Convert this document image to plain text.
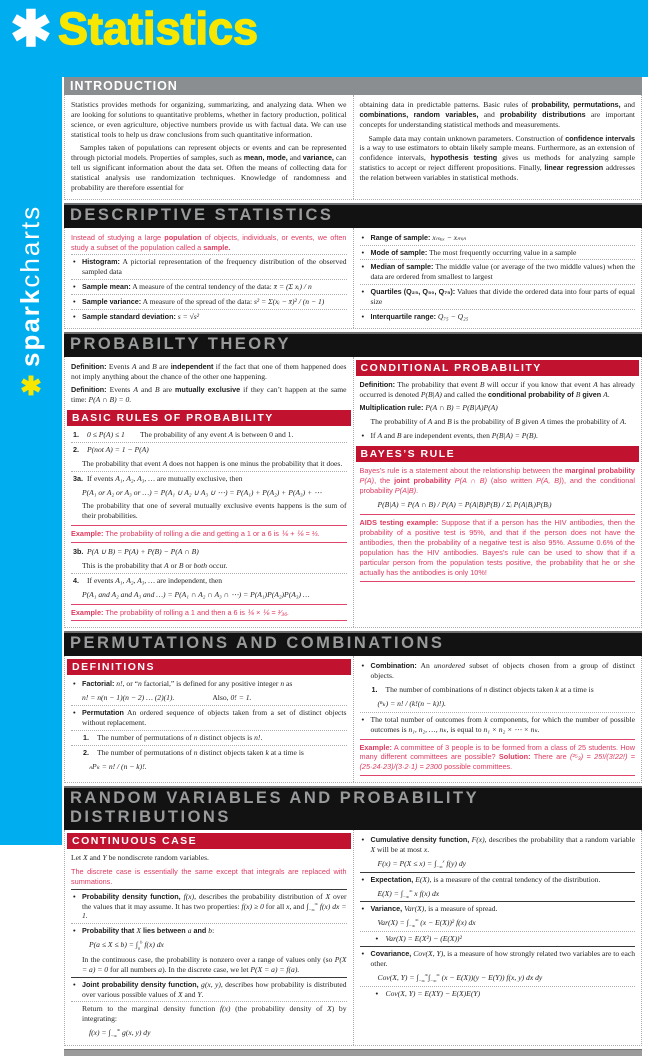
✱ Statistics
✱sparkcharts
INTRODUCTION
Statistics provides methods for organizing, summarizing, and analyzing data. When we are looking for solutions to quantitative problems, whether in factory production, political science, or even agriculture, objective numbers provide us with factual data. We can use statistical tools to help us draw conclusions from such quantitative information.
Samples taken of populations can represent objects or events and can be represented through pictorial models. Properties of samples, such as mean, mode, and variance, can tell us significant information about the data set. Often the means of collecting data for statistical analysis use randomization techniques. Knowledge of randomness and probability are therefore essential for
obtaining data in predictable patterns. Basic rules of probability, permutations, and combinations, random variables, and probability distributions are important concepts for understanding statistical methods and measurements.
Sample data may contain unknown parameters. Construction of confidence intervals is a way to use estimators to obtain likely sample means. Furthermore, as an extension of confidence intervals, hypothesis testing gives us methods for analyzing sample statistics to accept or reject different propositions. Finally, linear regression addresses the relation between variables in statistical methods.
DESCRIPTIVE STATISTICS
Instead of studying a large population of objects, individuals, or events, we often study a subset of the population called a sample.
• Histogram: A pictorial representation of the frequency distribution of the observed sampled data
• Sample mean: A measure of the central tendency of the data: x̄ = (Σ xᵢ) / n
• Sample variance: A measure of the spread of the data: s² = Σ(xᵢ − x̄)² / (n − 1)
• Sample standard deviation: s = √s²
• Range of sample: xₘₐₓ − xₘᵢₙ
• Mode of sample: The most frequently occurring value in a sample
• Median of sample: The middle value (or average of the two middle values) when the data are ordered from smallest to largest
• Quartiles (Q₂₅, Q₅₀, Q₇₅): Values that divide the ordered data into four parts of equal size
• Interquartile range: Q₇₅ − Q₂₅
PROBABILTY THEORY
Definition: Events A and B are independent if the fact that one of them happened does not imply anything about the chance of the other one happening.
Definition: Events A and B are mutually exclusive if they can’t happen at the same time: P(A ∩ B) = 0.
BASIC RULES OF PROBABILITY
1. 0 ≤ P(A) ≤ 1  The probability of any event A is between 0 and 1.
2. P(not A) = 1 − P(A)
The probability that event A does not happen is one minus the probability that it does.
3a. If events A₁, A₂, A₃, … are mutually exclusive, then
P(A₁ or A₂ or A₃ or …) = P(A₁ ∪ A₂ ∪ A₃ ∪ ⋯) = P(A₁) + P(A₂) + P(A₃) + ⋯
The probability that one of several mutually exclusive events happens is the sum of their probabilities.
Example: The probability of rolling a die and getting a 1 or a 6 is ⅙ + ⅙ = ⅓.
3b. P(A ∪ B) = P(A) + P(B) − P(A ∩ B)
This is the probability that A or B or both occur.
4. If events A₁, A₂, A₃, … are independent, then
P(A₁ and A₂ and A₃ and …) = P(A₁ ∩ A₂ ∩ A₃ ∩ ⋯) = P(A₁)P(A₂)P(A₃) …
Example: The probability of rolling a 1 and then a 6 is ⅙ × ⅙ = ¹⁄₃₆.
CONDITIONAL PROBABILITY
Definition: The probability that event B will occur if you know that event A has already occurred is denoted P(B|A) and called the conditional probability of B given A.
Multiplication rule: P(A ∩ B) = P(B|A)P(A)
The probability of A and B is the probability of B given A times the probability of A.
• If A and B are independent events, then P(B|A) = P(B).
BAYES’S RULE
Bayes’s rule is a statement about the relationship between the marginal probability P(A), the joint probability P(A ∩ B) (also written P(A, B)), and the conditional probability P(A|B).
P(B|A) = P(A ∩ B) / P(A) = P(A|B)P(B) / Σᵢ P(A|Bᵢ)P(Bᵢ)
AIDS testing example: Suppose that if a person has the HIV antibodies, then the probability of a positive test is 95%, and that if the person does not have the antibodies, then the probability of a negative test is also 95%. Assume 0.6% of the population has the HIV antibodies. Bayes’s rule can be used to show that if a particular person from the population tests positive, the probability that he or she actually has the antibodies is only 10%!
PERMUTATIONS AND COMBINATIONS
DEFINITIONS
• Factorial: n!, or “n factorial,” is defined for any positive integer n as
n! = n(n − 1)(n − 2) … (2)(1).     Also, 0! = 1.
• Permutation An ordered sequence of objects taken from a set of distinct objects without replacement.
1. The number of permutations of n distinct objects is n!.
2. The number of permutations of n distinct objects taken k at a time is
ₙPₖ = n! / (n − k)!.
• Combination: An unordered subset of objects chosen from a group of distinct objects.
1. The number of combinations of n distinct objects taken k at a time is
(ⁿₖ) = n! / (k!(n − k)!).
• The total number of outcomes from k components, for which the number of possible outcomes is n₁, n₂, …, nₖ, is equal to n₁ × n₂ × ⋯ × nₖ.
Example: A committee of 3 people is to be formed from a class of 25 students. How many different committees are possible? Solution: There are (²⁵₃) = 25!/(3!22!) = (25·24·23)/(3·2·1) = 2300 possible committees.
RANDOM VARIABLES AND PROBABILITY DISTRIBUTIONS
CONTINUOUS CASE
Let X and Y be nondiscrete random variables.
The discrete case is essentially the same except that integrals are replaced with summations.
• Probability density function, f(x), describes the probability distribution of X over the values that it may assume. It has two properties: f(x) ≥ 0 for all x, and $\int_{-\infty}^\infty$ f(x) dx = 1.
• Probability that X lies between a and b:
$P(a \le X \le b) = \int_a^b$ f(x) dx
In the continuous case, the probability is nonzero over a range of values only (so P(X = a) = 0 for all numbers a). In the discrete case, we let P(X = a) = f(a).
• Joint probability density function, g(x, y), describes how probability is distributed over various possible values of X and Y.
Return to the marginal density function f(x) (the probability density of X) by integrating:
$f(x) = \int_{-\infty}^\infty$ g(x, y) dy
• Cumulative density function, F(x), describes the probability that a random variable X will be at most x.
$F(x) = P(X \le x) = \int_{-\infty}^x$ f(y) dy
• Expectation, E(X), is a measure of the central tendency of the distribution.
$E(X) = \int_{-\infty}^\infty$ x f(x) dx
• Variance, Var(X), is a measure of spread.
$Var(X) = \int_{-\infty}^\infty$ (x − E(X))² f(x) dx
• Var(X) = E(X²) − (E(X))²
• Covariance, Cov(X, Y), is a measure of how strongly related two variables are to each other.
Cov(X, $Y) = \int_{-\infty}^\infty\int_{-\infty}^\infty$ (x − E(X))(y − E(Y)) f(x, y) dx dy
• Cov(X, Y) = E(XY) − E(X)E(Y)
